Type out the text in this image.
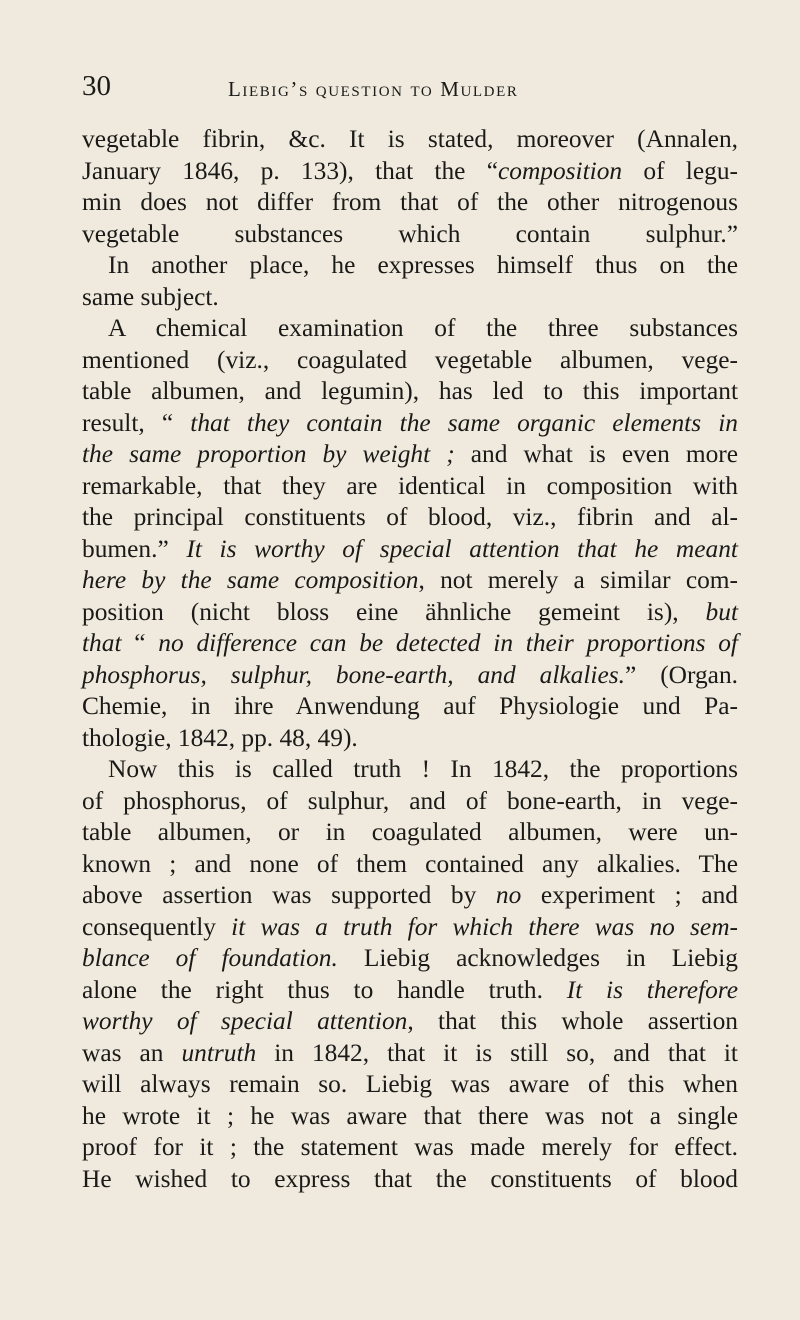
30	Liebig’s question to Mulder
vegetable fibrin, &c. It is stated, moreover (Annalen,
January 1846, p. 133), that the “composition of legu-
min does not differ from that of the other nitrogenous
vegetable substances which contain sulphur.”
In another place, he expresses himself thus on the
same subject.
A chemical examination of the three substances
mentioned (viz., coagulated vegetable albumen, vege-
table albumen, and legumin), has led to this important
result, “ that they contain the same organic elements in
the same proportion by weight ; and what is even more
remarkable, that they are identical in composition with
the principal constituents of blood, viz., fibrin and al-
bumen.” It is worthy of special attention that he meant
here by the same composition, not merely a similar com-
position (nicht bloss eine ähnliche gemeint is), but
that “ no difference can be detected in their proportions of
phosphorus, sulphur, bone-earth, and alkalies.” (Organ.
Chemie, in ihre Anwendung auf Physiologie und Pa-
thologie, 1842, pp. 48, 49).
Now this is called truth ! In 1842, the proportions
of phosphorus, of sulphur, and of bone-earth, in vege-
table albumen, or in coagulated albumen, were un-
known ; and none of them contained any alkalies. The
above assertion was supported by no experiment ; and
consequently it was a truth for which there was no sem-
blance of foundation. Liebig acknowledges in Liebig
alone the right thus to handle truth. It is therefore
worthy of special attention, that this whole assertion
was an untruth in 1842, that it is still so, and that it
will always remain so. Liebig was aware of this when
he wrote it ; he was aware that there was not a single
proof for it ; the statement was made merely for effect.
He wished to express that the constituents of blood
